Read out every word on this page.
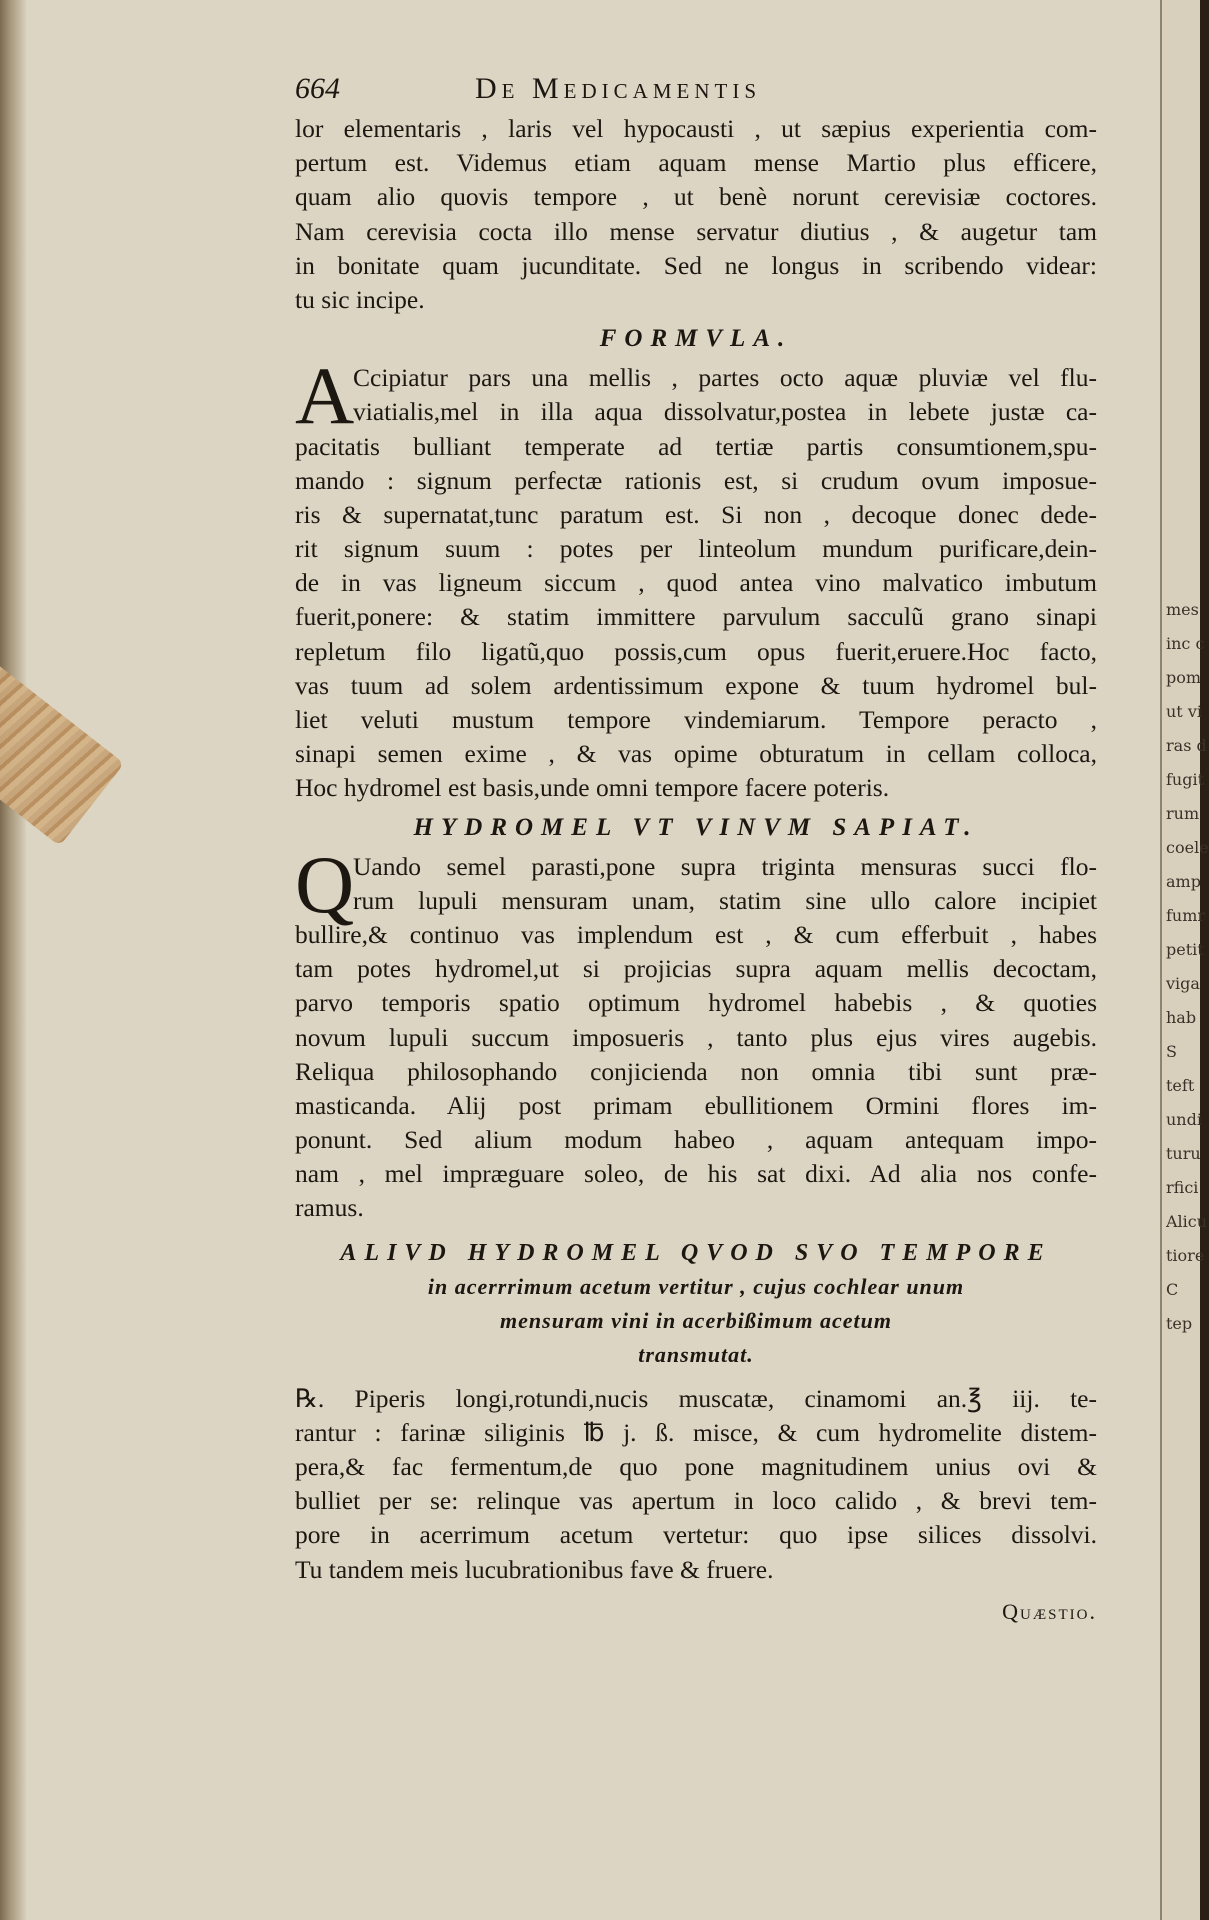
mes
inc c
pom
ut vi
ras d
fugit
rum
coele
amp
fumr
petit
viga
hab
S
teft
undi
turu
rfici
Alicu
tiore
C
tep
664	De Medicamentis
lor elementaris , laris vel hypocausti , ut sæpius experientia com-
pertum est. Videmus etiam aquam mense Martio plus efficere,
quam alio quovis tempore , ut benè norunt cerevisiæ coctores.
Nam cerevisia cocta illo mense servatur diutius , & augetur tam
in bonitate quam jucunditate. Sed ne longus in scribendo videar:
tu sic incipe.
FORMVLA.
A
Ccipiatur pars una mellis , partes octo aquæ pluviæ vel flu-
viatialis,mel in illa aqua dissolvatur,postea in lebete justæ ca-
pacitatis bulliant temperate ad tertiæ partis consumtionem,spu-
mando : signum perfectæ rationis est, si crudum ovum imposue-
ris & supernatat,tunc paratum est. Si non , decoque donec dede-
rit signum suum : potes per linteolum mundum purificare,dein-
de in vas ligneum siccum , quod antea vino malvatico imbutum
fuerit,ponere: & statim immittere parvulum sacculũ grano sinapi
repletum filo ligatũ,quo possis,cum opus fuerit,eruere.Hoc facto,
vas tuum ad solem ardentissimum expone & tuum hydromel bul-
liet veluti mustum tempore vindemiarum. Tempore peracto ,
sinapi semen exime , & vas opime obturatum in cellam colloca,
Hoc hydromel est basis,unde omni tempore facere poteris.
HYDROMEL VT VINVM SAPIAT.
Q
Uando semel parasti,pone supra triginta mensuras succi flo-
rum lupuli mensuram unam, statim sine ullo calore incipiet
bullire,& continuo vas implendum est , & cum efferbuit , habes
tam potes hydromel,ut si projicias supra aquam mellis decoctam,
parvo temporis spatio optimum hydromel habebis , & quoties
novum lupuli succum imposueris , tanto plus ejus vires augebis.
Reliqua philosophando conjicienda non omnia tibi sunt præ-
masticanda. Alij post primam ebullitionem Ormini flores im-
ponunt. Sed alium modum habeo , aquam antequam impo-
nam , mel impræguare soleo, de his sat dixi. Ad alia nos confe-
ramus.
ALIVD HYDROMEL QVOD SVO TEMPORE
in acerrrimum acetum vertitur , cujus cochlear unum
mensuram vini in acerbißimum acetum
transmutat.
℞. Piperis longi,rotundi,nucis muscatæ, cinamomi an.℥ iij. te-
rantur : farinæ siliginis ℔ j. ß. misce, & cum hydromelite distem-
pera,& fac fermentum,de quo pone magnitudinem unius ovi &
bulliet per se: relinque vas apertum in loco calido , & brevi tem-
pore in acerrimum acetum vertetur: quo ipse silices dissolvi.
Tu tandem meis lucubrationibus fave & fruere.
Quæstio.
